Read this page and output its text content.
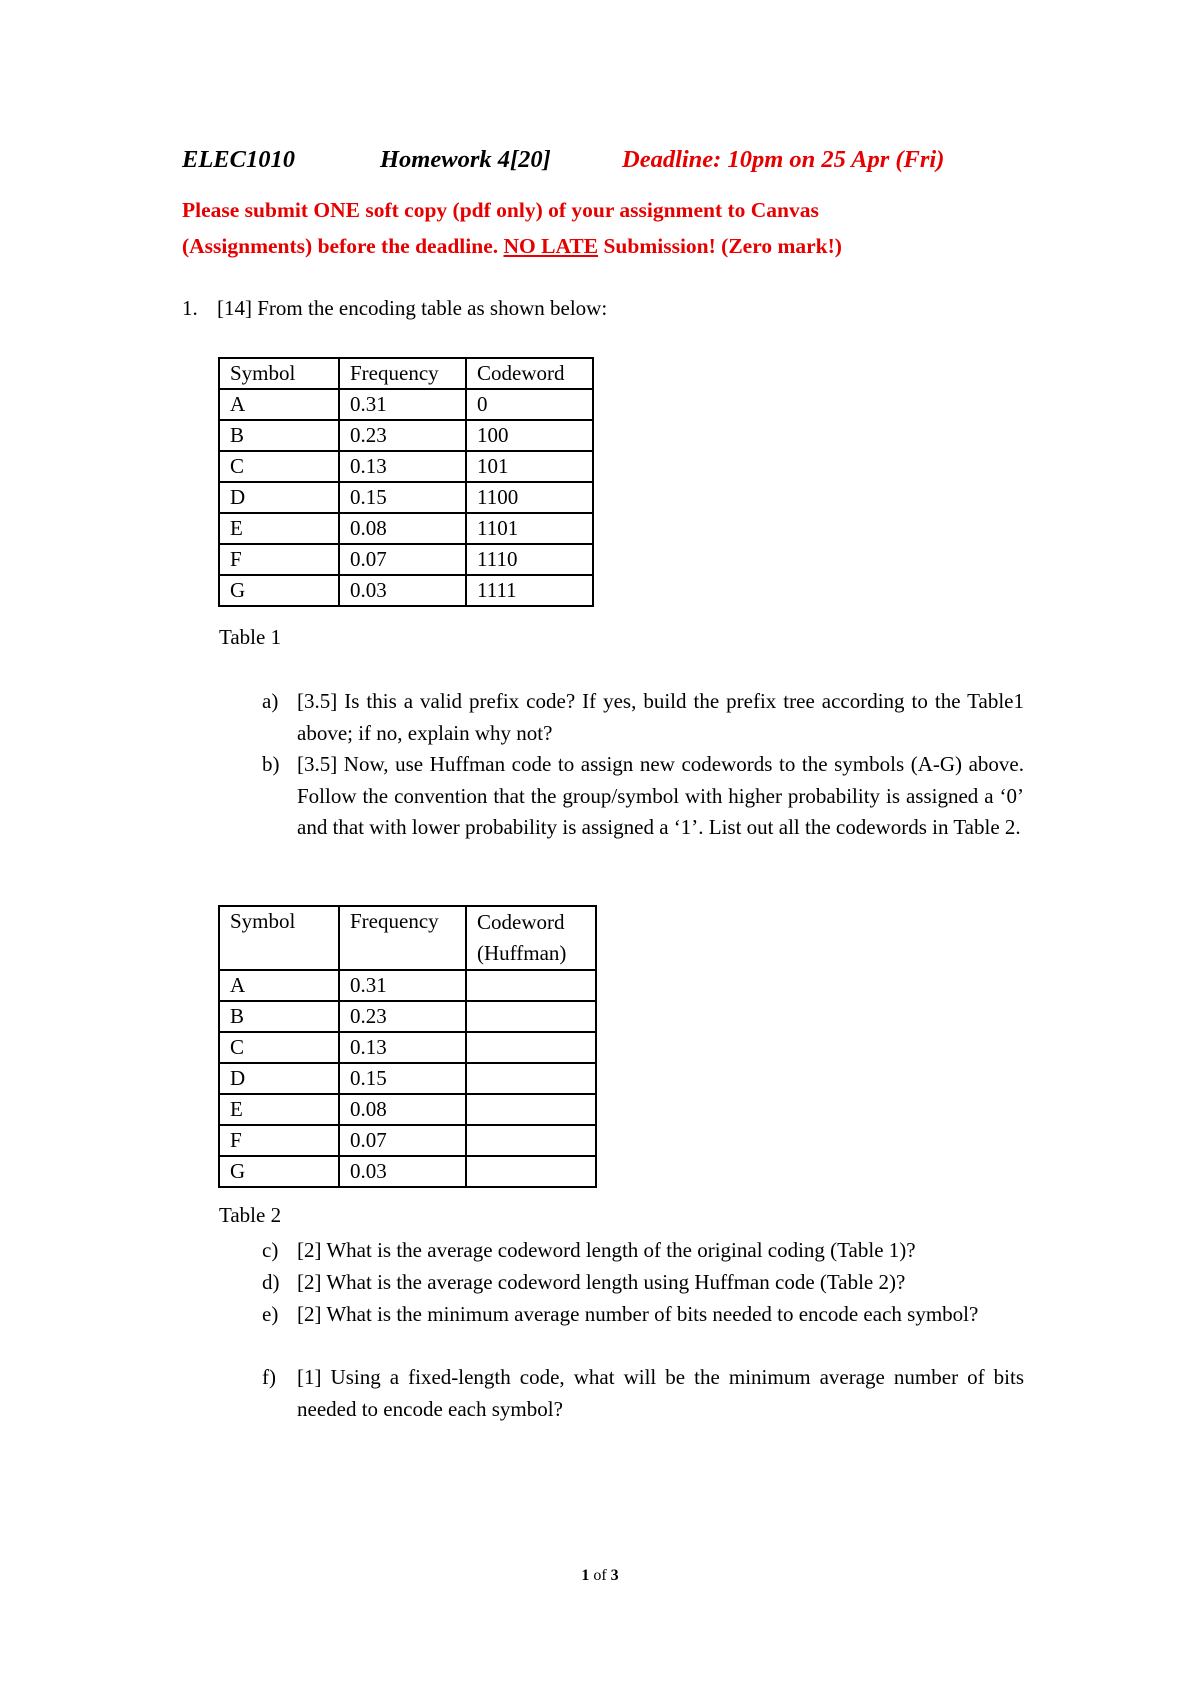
ELEC1010	Homework 4[20]	Deadline: 10pm on 25 Apr (Fri)
Please submit ONE soft copy (pdf only) of your assignment to Canvas
(Assignments) before the deadline. NO LATE Submission! (Zero mark!)
1. [14] From the encoding table as shown below:
Symbol	Frequency	Codeword
A	0.31	0
B	0.23	100
C	0.13	101
D	0.15	1100
E	0.08	1101
F	0.07	1110
G	0.03	1111
Table 1
a) [3.5] Is this a valid prefix code? If yes, build the prefix tree according to the Table1 above; if no, explain why not?
b) [3.5] Now, use Huffman code to assign new codewords to the symbols (A-G) above. Follow the convention that the group/symbol with higher probability is assigned a ‘0’ and that with lower probability is assigned a ‘1’. List out all the codewords in Table 2.
Symbol	Frequency	Codeword (Huffman)
A	0.31	
B	0.23	
C	0.13	
D	0.15	
E	0.08	
F	0.07	
G	0.03	
Table 2
c) [2] What is the average codeword length of the original coding (Table 1)?
d) [2] What is the average codeword length using Huffman code (Table 2)?
e) [2] What is the minimum average number of bits needed to encode each symbol?
f) [1] Using a fixed-length code, what will be the minimum average number of bits needed to encode each symbol?
1 of 3
